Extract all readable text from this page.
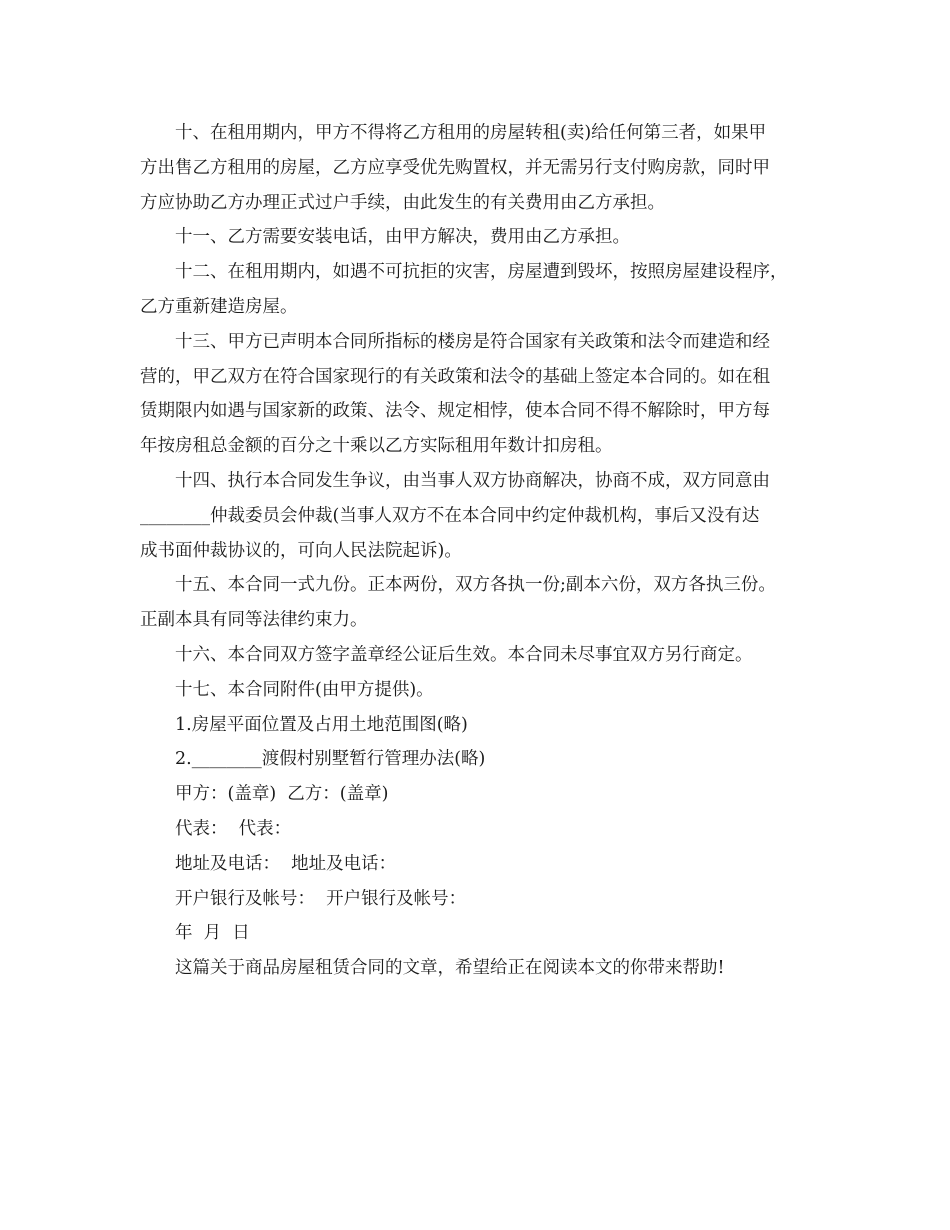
十、在租用期内，甲方不得将乙方租用的房屋转租(卖)给任何第三者，如果甲
方出售乙方租用的房屋，乙方应享受优先购置权，并无需另行支付购房款，同时甲
方应协助乙方办理正式过户手续，由此发生的有关费用由乙方承担。

十一、乙方需要安装电话，由甲方解决，费用由乙方承担。

十二、在租用期内，如遇不可抗拒的灾害，房屋遭到毁坏，按照房屋建设程序，
乙方重新建造房屋。

十三、甲方已声明本合同所指标的楼房是符合国家有关政策和法令而建造和经
营的，甲乙双方在符合国家现行的有关政策和法令的基础上签定本合同的。如在租
赁期限内如遇与国家新的政策、法令、规定相悖，使本合同不得不解除时，甲方每
年按房租总金额的百分之十乘以乙方实际租用年数计扣房租。

十四、执行本合同发生争议，由当事人双方协商解决，协商不成，双方同意由
________仲裁委员会仲裁(当事人双方不在本合同中约定仲裁机构，事后又没有达
成书面仲裁协议的，可向人民法院起诉)。

十五、本合同一式九份。正本两份，双方各执一份;副本六份，双方各执三份。
正副本具有同等法律约束力。

十六、本合同双方签字盖章经公证后生效。本合同未尽事宜双方另行商定。

十七、本合同附件(由甲方提供)。

1.房屋平面位置及占用土地范围图(略)

2.________渡假村别墅暂行管理办法(略)

甲方：(盖章)  乙方：(盖章)

代表：  代表：

地址及电话：  地址及电话：

开户银行及帐号：  开户银行及帐号：

年  月  日

这篇关于商品房屋租赁合同的文章，希望给正在阅读本文的你带来帮助!
